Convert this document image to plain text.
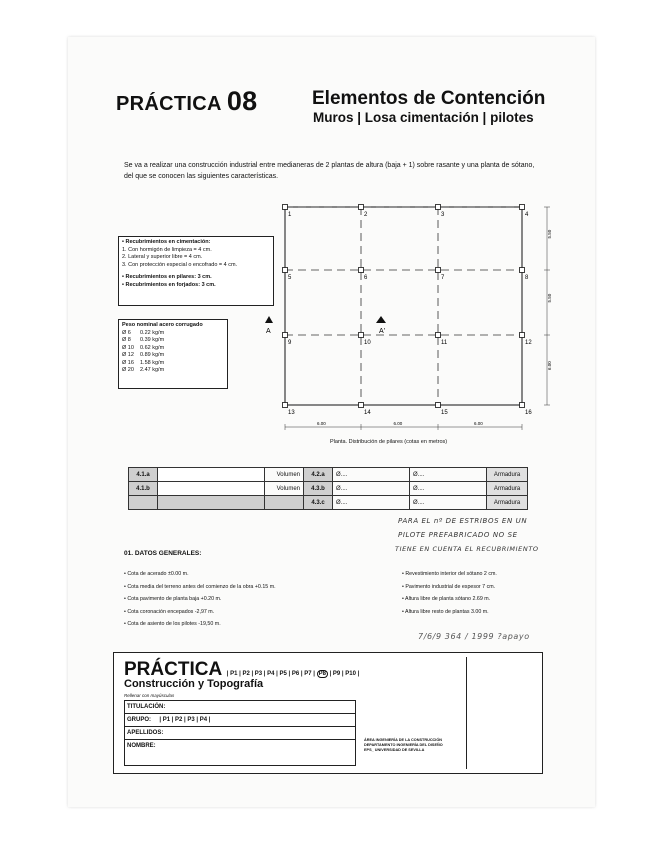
PRÁCTICA 08	Elementos de Contención
Muros | Losa cimentación | pilotes
Se va a realizar una construcción industrial entre medianeras de 2 plantas de altura (baja + 1) sobre rasante y una planta de sótano, del que se conocen las siguientes características.
• Recubrimientos en cimentación:
1. Con hormigón de limpieza = 4 cm.
2. Lateral y superior libre = 4 cm.
3. Con protección especial o encofrado = 4 cm.
• Recubrimientos en pilares: 3 cm.
• Recubrimientos en forjados: 3 cm.
Peso nominal acero corrugado
Ø 6	0.22 kg/m
Ø 8	0.39 kg/m
Ø 10	0.62 kg/m
Ø 12	0.89 kg/m
Ø 16	1.58 kg/m
Ø 20	2.47 kg/m
1	2	3	4
5	6	7	8
9	10	11	12
13	14	15	16
6.00	6.00	6.00
5.50
5.50
6.00
A	A'
Planta. Distribución de pilares (cotas en metros)
4.1.a		Volumen	4.2.a	Ø....	Ø....	Armadura
4.1.b		Volumen	4.3.b	Ø....	Ø....	Armadura
			4.3.c	Ø....	Ø....	Armadura
PARA EL nº DE ESTRIBOS EN UN
PILOTE PREFABRICADO NO SE
TIENE EN CUENTA EL RECUBRIMIENTO
01. DATOS GENERALES:
• Cota de acerado ±0.00 m.
• Cota media del terreno antes del comienzo de la obra +0.15 m.
• Cota pavimento de planta baja +0.20 m.
• Cota coronación encepados -2,97 m.
• Cota de asiento de los pilotes -19,50 m.
• Revestimiento interior del sótano 2 cm.
• Pavimento industrial de espesor 7 cm.
• Altura libre de planta sótano 2.69 m.
• Altura libre resto de plantas 3.00 m.
7/6/9 364 / 1999 ?apayo
PRÁCTICA | P1 | P2 | P3 | P4 | P5 | P6 | P7 | P8 | P9 | P10 |
Construcción y Topografía
Rellenar con mayúsculas
TITULACIÓN:
GRUPO: | P1 | P2 | P3 | P4 |
APELLIDOS:
NOMBRE:
ÁREA INGENIERÍA DE LA CONSTRUCCIÓN
DEPARTAMENTO INGENIERÍA DEL DISEÑO
EPS_ UNIVERSIDAD DE SEVILLA
